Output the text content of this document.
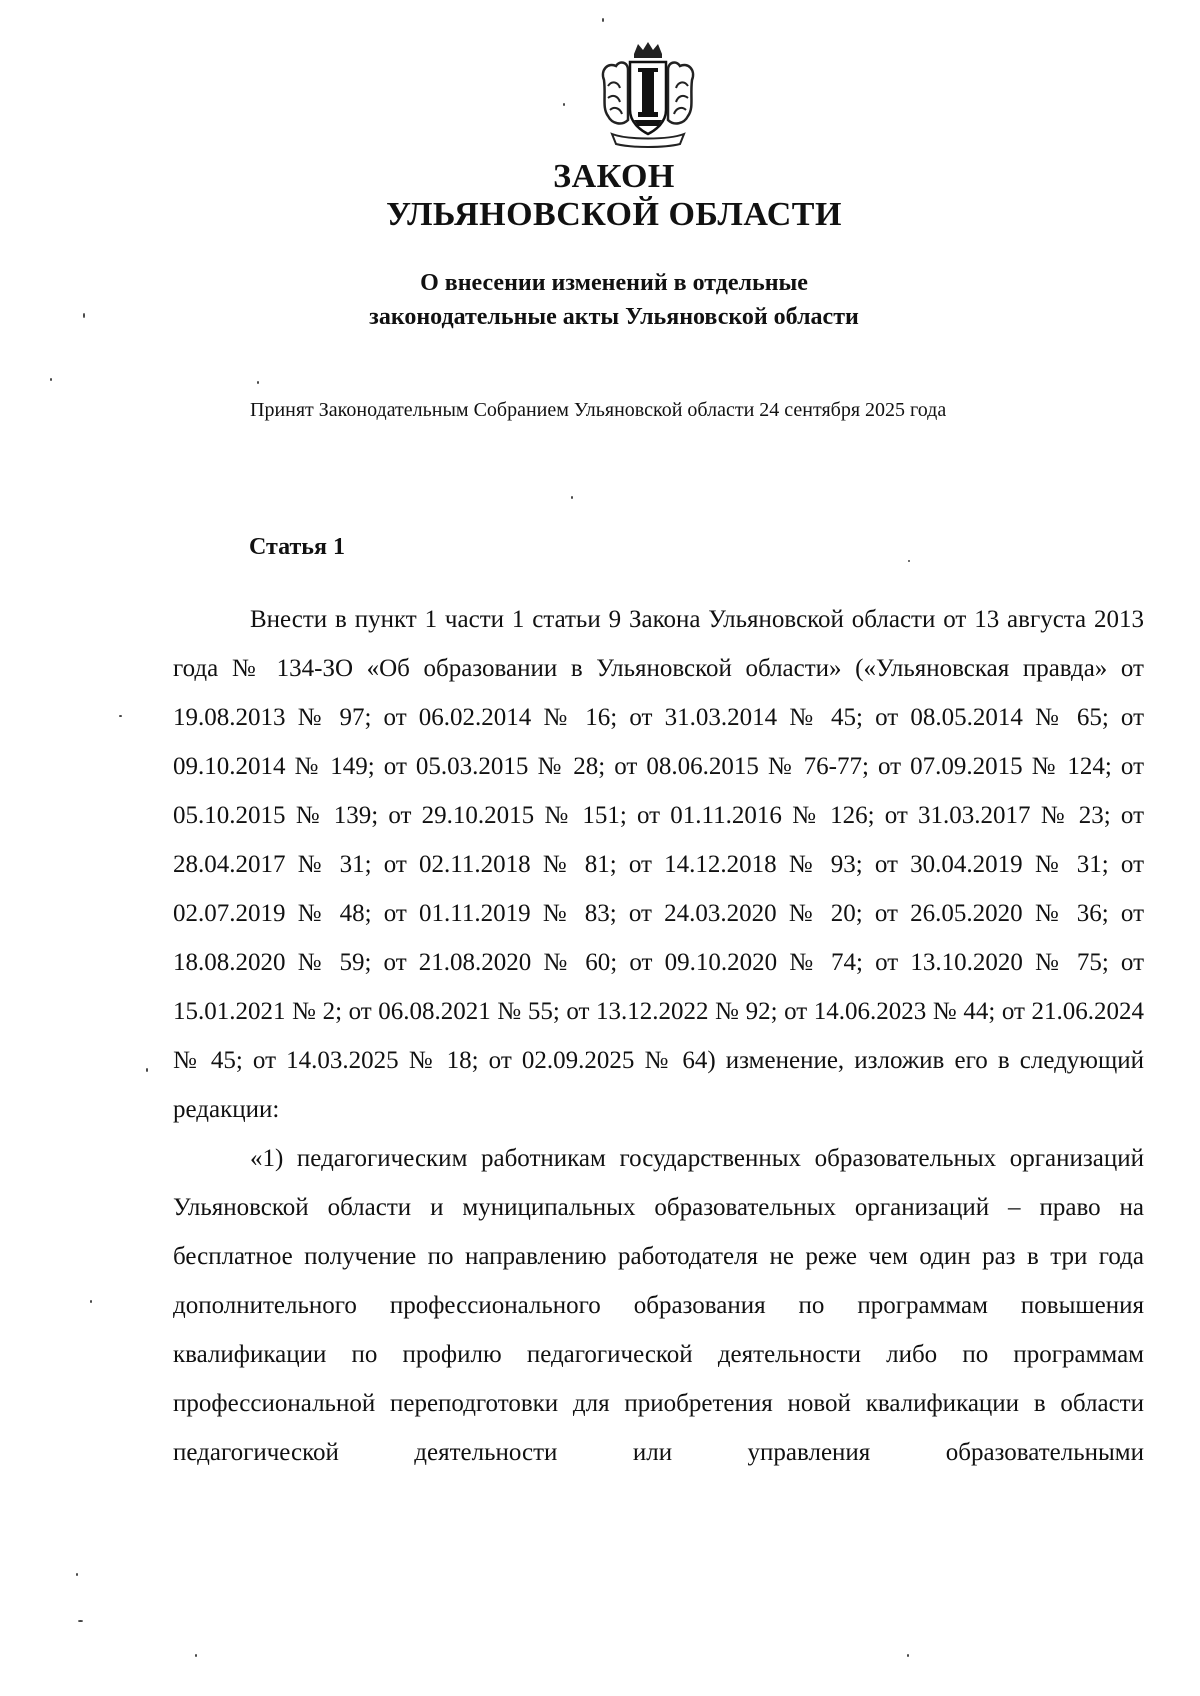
ЗАКОН
УЛЬЯНОВСКОЙ ОБЛАСТИ
О внесении изменений в отдельные
законодательные акты Ульяновской области
Принят Законодательным Собранием Ульяновской области 24 сентября 2025 года
Статья 1

Внести в пункт 1 части 1 статьи 9 Закона Ульяновской области от 13 августа 2013 года № 134-ЗО «Об образовании в Ульяновской области» («Ульяновская правда» от 19.08.2013 № 97; от 06.02.2014 № 16; от 31.03.2014 № 45; от 08.05.2014 № 65; от 09.10.2014 № 149; от 05.03.2015 № 28; от 08.06.2015 № 76-77; от 07.09.2015 № 124; от 05.10.2015 № 139; от 29.10.2015 № 151; от 01.11.2016 № 126; от 31.03.2017 № 23; от 28.04.2017 № 31; от 02.11.2018 № 81; от 14.12.2018 № 93; от 30.04.2019 № 31; от 02.07.2019 № 48; от 01.11.2019 № 83; от 24.03.2020 № 20; от 26.05.2020 № 36; от 18.08.2020 № 59; от 21.08.2020 № 60; от 09.10.2020 № 74; от 13.10.2020 № 75; от 15.01.2021 № 2; от 06.08.2021 № 55; от 13.12.2022 № 92; от 14.06.2023 № 44; от 21.06.2024 № 45; от 14.03.2025 № 18; от 02.09.2025 № 64) изменение, изложив его в следующий редакции:

«1) педагогическим работникам государственных образовательных организаций Ульяновской области и муниципальных образовательных организаций – право на бесплатное получение по направлению работодателя не реже чем один раз в три года дополнительного профессионального образования по программам повышения квалификации по профилю педагогической деятельности либо по программам профессиональной переподготовки для приобретения новой квалификации в области педагогической деятельности или управления образовательными
